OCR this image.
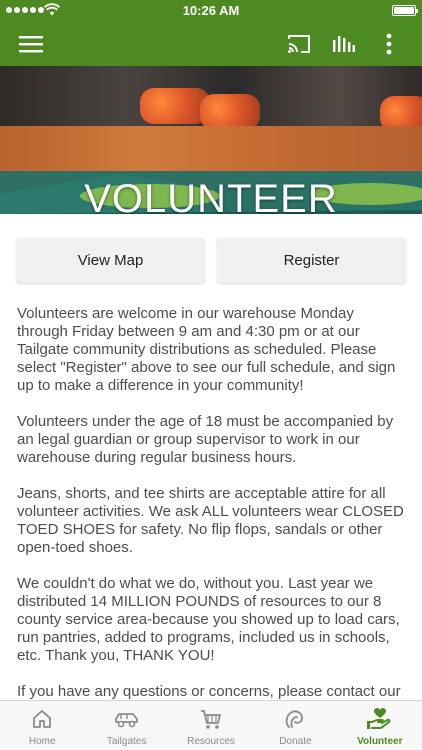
10:26 AM
VOLUNTEER
View Map	Register

Volunteers are welcome in our warehouse Monday through Friday between 9 am and 4:30 pm or at our Tailgate community distributions as scheduled. Please select "Register" above to see our full schedule, and sign up to make a difference in your community!

Volunteers under the age of 18 must be accompanied by an legal guardian or group supervisor to work in our warehouse during regular business hours.

Jeans, shorts, and tee shirts are acceptable attire for all volunteer activities. We ask ALL volunteers wear CLOSED TOED SHOES for safety. No flip flops, sandals or other open-toed shoes.

We couldn't do what we do, without you. Last year we distributed 14 MILLION POUNDS of resources to our 8 county service area-because you showed up to load cars, run pantries, added to programs, included us in schools, etc. Thank you, THANK YOU!

If you have any questions or concerns, please contact our

Home	Tailgates	Resources	Donate	Volunteer
